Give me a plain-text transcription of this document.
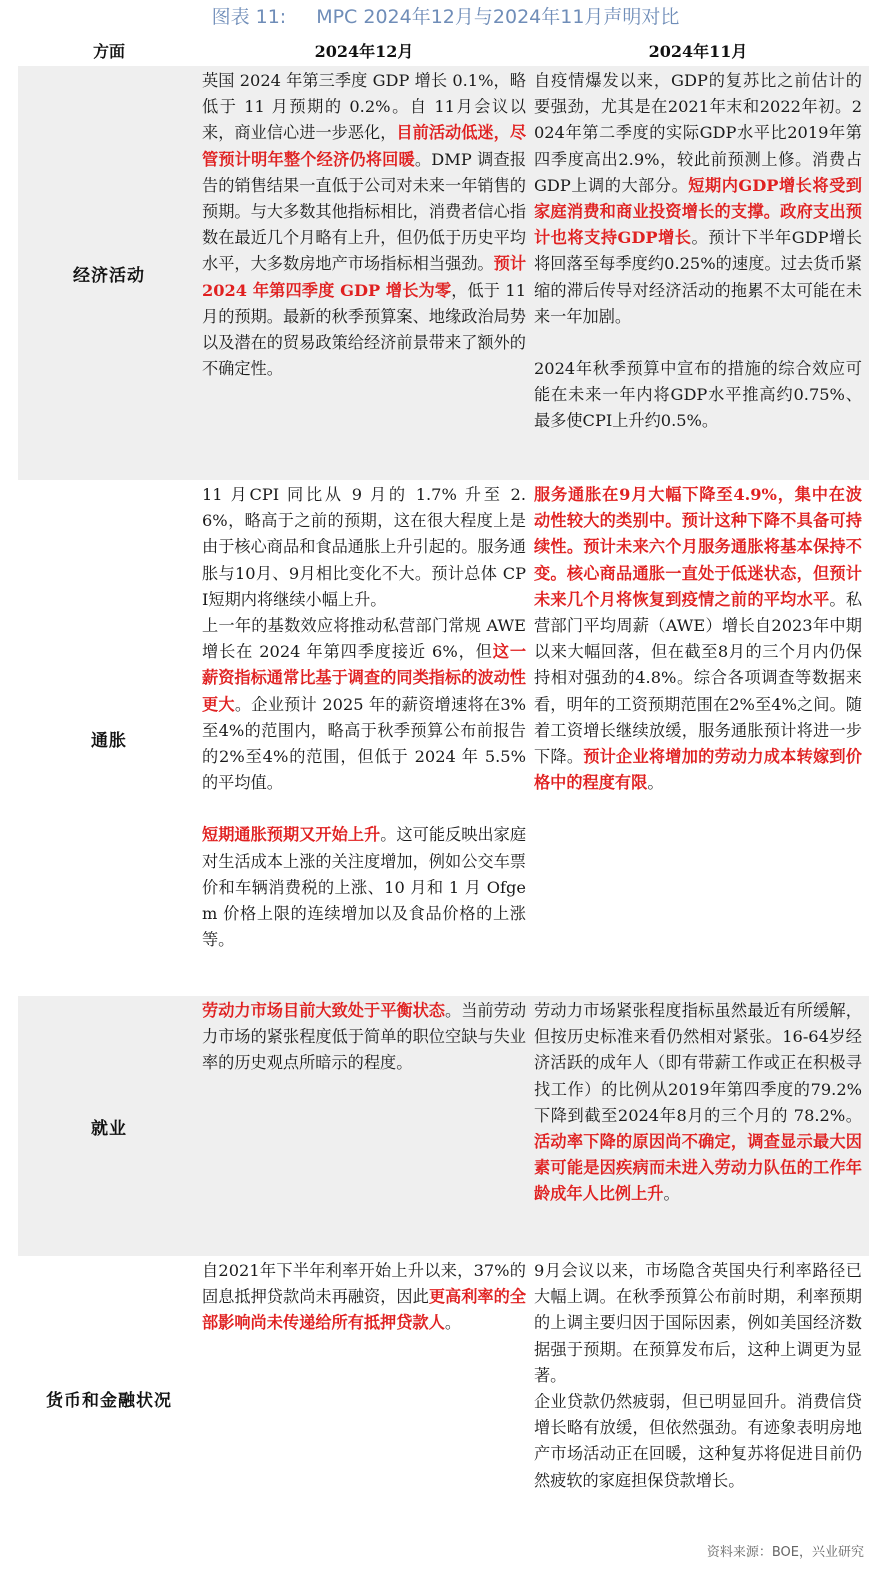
图表 11: MPC 2024年12月与2024年11月声明对比
方面	2024年12月	2024年11月
经济活动
英国 2024 年第三季度 GDP 增长 0.1%，略低于 11 月预期的 0.2%。自 11月会议以来，商业信心进一步恶化，目前活动低迷，尽管预计明年整个经济仍将回暖。DMP 调查报告的销售结果一直低于公司对未来一年销售的预期。与大多数其他指标相比，消费者信心指数在最近几个月略有上升，但仍低于历史平均水平，大多数房地产市场指标相当强劲。预计 2024 年第四季度 GDP 增长为零，低于 11 月的预期。最新的秋季预算案、地缘政治局势以及潜在的贸易政策给经济前景带来了额外的不确定性。
自疫情爆发以来，GDP的复苏比之前估计的要强劲，尤其是在2021年末和2022年初。2024年第二季度的实际GDP水平比2019年第四季度高出2.9%，较此前预测上修。消费占GDP上调的大部分。短期内GDP增长将受到家庭消费和商业投资增长的支撑。政府支出预计也将支持GDP增长。预计下半年GDP增长将回落至每季度约0.25%的速度。过去货币紧缩的滞后传导对经济活动的拖累不太可能在未来一年加剧。
2024年秋季预算中宣布的措施的综合效应可能在未来一年内将GDP水平推高约0.75%、最多使CPI上升约0.5%。
通胀
11 月CPI 同比从 9 月的 1.7% 升至 2.6%，略高于之前的预期，这在很大程度上是由于核心商品和食品通胀上升引起的。服务通胀与10月、9月相比变化不大。预计总体 CPI短期内将继续小幅上升。
上一年的基数效应将推动私营部门常规 AWE 增长在 2024 年第四季度接近 6%，但这一薪资指标通常比基于调查的同类指标的波动性更大。企业预计 2025 年的薪资增速将在3%至4%的范围内，略高于秋季预算公布前报告的2%至4%的范围，但低于 2024 年 5.5%的平均值。
短期通胀预期又开始上升。这可能反映出家庭对生活成本上涨的关注度增加，例如公交车票价和车辆消费税的上涨、10 月和 1 月 Ofgem 价格上限的连续增加以及食品价格的上涨等。
服务通胀在9月大幅下降至4.9%，集中在波动性较大的类别中。预计这种下降不具备可持续性。预计未来六个月服务通胀将基本保持不变。核心商品通胀一直处于低迷状态，但预计未来几个月将恢复到疫情之前的平均水平。私营部门平均周薪（AWE）增长自2023年中期以来大幅回落，但在截至8月的三个月内仍保持相对强劲的4.8%。综合各项调查等数据来看，明年的工资预期范围在2%至4%之间。随着工资增长继续放缓，服务通胀预计将进一步下降。预计企业将增加的劳动力成本转嫁到价格中的程度有限。
就业
劳动力市场目前大致处于平衡状态。当前劳动力市场的紧张程度低于简单的职位空缺与失业率的历史观点所暗示的程度。
劳动力市场紧张程度指标虽然最近有所缓解，但按历史标准来看仍然相对紧张。16-64岁经济活跃的成年人（即有带薪工作或正在积极寻找工作）的比例从2019年第四季度的79.2%下降到截至2024年8月的三个月的 78.2%。活动率下降的原因尚不确定，调查显示最大因素可能是因疾病而未进入劳动力队伍的工作年龄成年人比例上升。
货币和金融状况
自2021年下半年利率开始上升以来，37%的固息抵押贷款尚未再融资，因此更高利率的全部影响尚未传递给所有抵押贷款人。
9月会议以来，市场隐含英国央行利率路径已大幅上调。在秋季预算公布前时期，利率预期的上调主要归因于国际因素，例如美国经济数据强于预期。在预算发布后，这种上调更为显著。
企业贷款仍然疲弱，但已明显回升。消费信贷增长略有放缓，但依然强劲。有迹象表明房地产市场活动正在回暖，这种复苏将促进目前仍然疲软的家庭担保贷款增长。
资料来源：BOE，兴业研究
